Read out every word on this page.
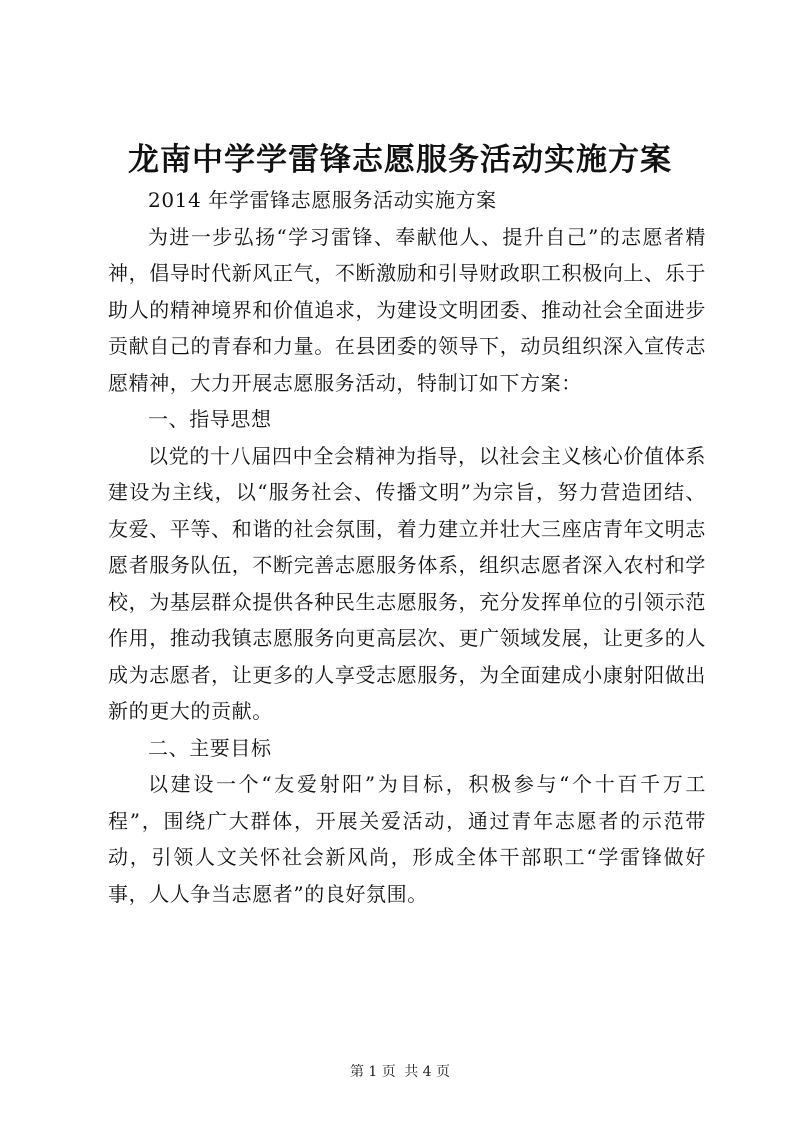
龙南中学学雷锋志愿服务活动实施方案

2014 年学雷锋志愿服务活动实施方案

为进一步弘扬“学习雷锋、奉献他人、提升自己”的志愿者精神，倡导时代新风正气，不断激励和引导财政职工积极向上、乐于助人的精神境界和价值追求，为建设文明团委、推动社会全面进步贡献自己的青春和力量。在县团委的领导下，动员组织深入宣传志愿精神，大力开展志愿服务活动，特制订如下方案：

一、指导思想

以党的十八届四中全会精神为指导，以社会主义核心价值体系建设为主线，以“服务社会、传播文明”为宗旨，努力营造团结、友爱、平等、和谐的社会氛围，着力建立并壮大三座店青年文明志愿者服务队伍，不断完善志愿服务体系，组织志愿者深入农村和学校，为基层群众提供各种民生志愿服务，充分发挥单位的引领示范作用，推动我镇志愿服务向更高层次、更广领域发展，让更多的人成为志愿者，让更多的人享受志愿服务，为全面建成小康射阳做出新的更大的贡献。

二、主要目标

以建设一个“友爱射阳”为目标，积极参与“个十百千万工程”，围绕广大群体，开展关爱活动，通过青年志愿者的示范带动，引领人文关怀社会新风尚，形成全体干部职工“学雷锋做好事，人人争当志愿者”的良好氛围。

第 1 页 共 4 页
